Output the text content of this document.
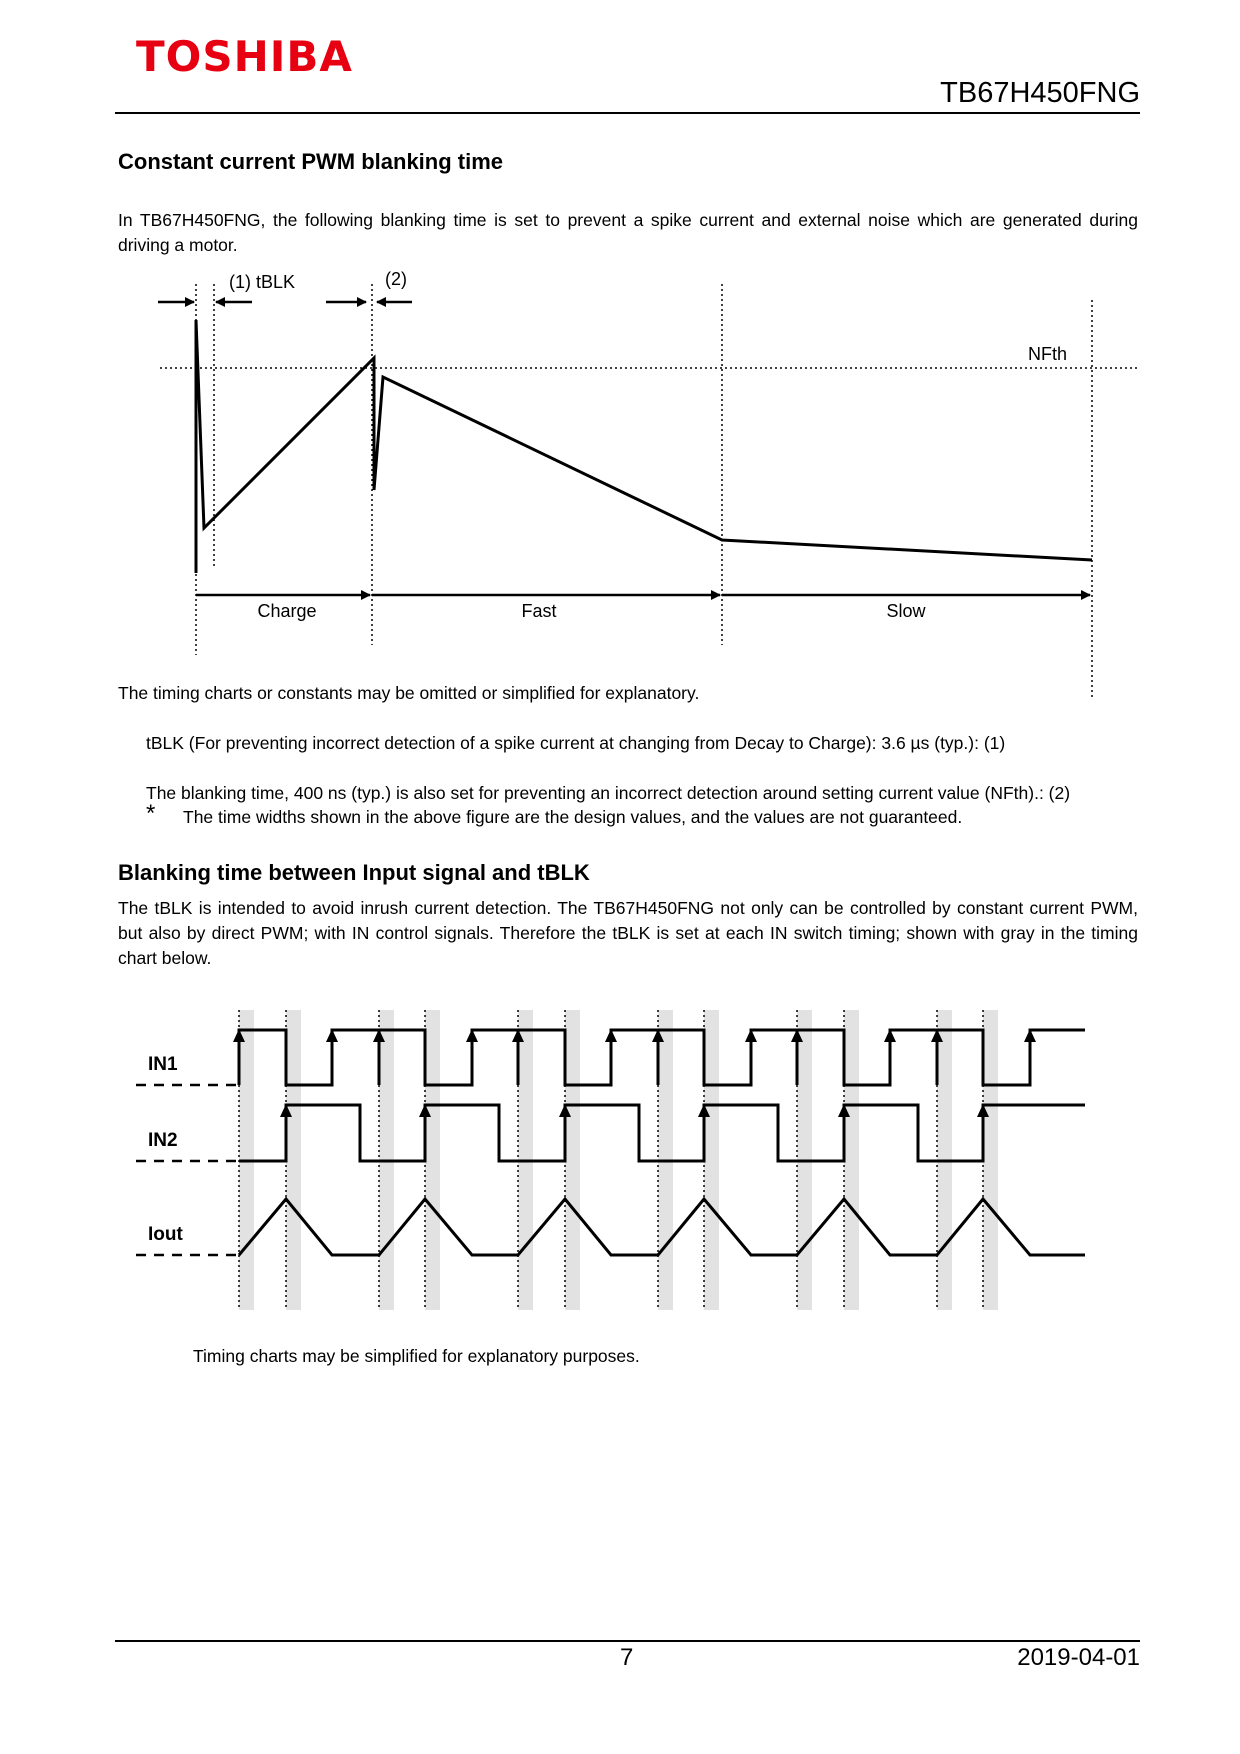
TOSHIBA
TB67H450FNG
Constant current PWM blanking time
In TB67H450FNG, the following blanking time is set to prevent a spike current and external noise which are generated during driving a motor.
(1) tBLK	(2)
NFth
Charge	Fast	Slow
The timing charts or constants may be omitted or simplified for explanatory.
tBLK (For preventing incorrect detection of a spike current at changing from Decay to Charge): 3.6 µs (typ.): (1)
The blanking time, 400 ns (typ.) is also set for preventing an incorrect detection around setting current value (NFth).: (2)
* The time widths shown in the above figure are the design values, and the values are not guaranteed.
Blanking time between Input signal and tBLK
The tBLK is intended to avoid inrush current detection. The TB67H450FNG not only can be controlled by constant current PWM, but also by direct PWM; with IN control signals. Therefore the tBLK is set at each IN switch timing; shown with gray in the timing chart below.
IN1
IN2
Iout
Timing charts may be simplified for explanatory purposes.
7	2019-04-01
